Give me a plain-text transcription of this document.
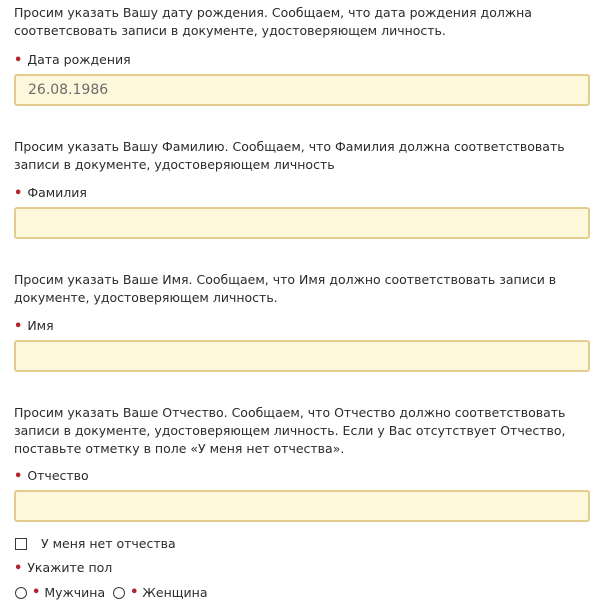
Просим указать Вашу дату рождения. Сообщаем, что дата рождения должна соответсвовать записи в документе, удостоверяющем личность.

• Дата рождения

26.08.1986

Просим указать Вашу Фамилию. Сообщаем, что Фамилия должна соответствовать записи в документе, удостоверяющем личность

• Фамилия

Просим указать Ваше Имя. Сообщаем, что Имя должно соответствовать записи в документе, удостоверяющем личность.

• Имя

Просим указать Ваше Отчество. Сообщаем, что Отчество должно соответствовать записи в документе, удостоверяющем личность. Если у Вас отсутствует Отчество, поставьте отметку в поле «У меня нет отчества».

• Отчество

У меня нет отчества

• Укажите пол

• Мужчина • Женщина
